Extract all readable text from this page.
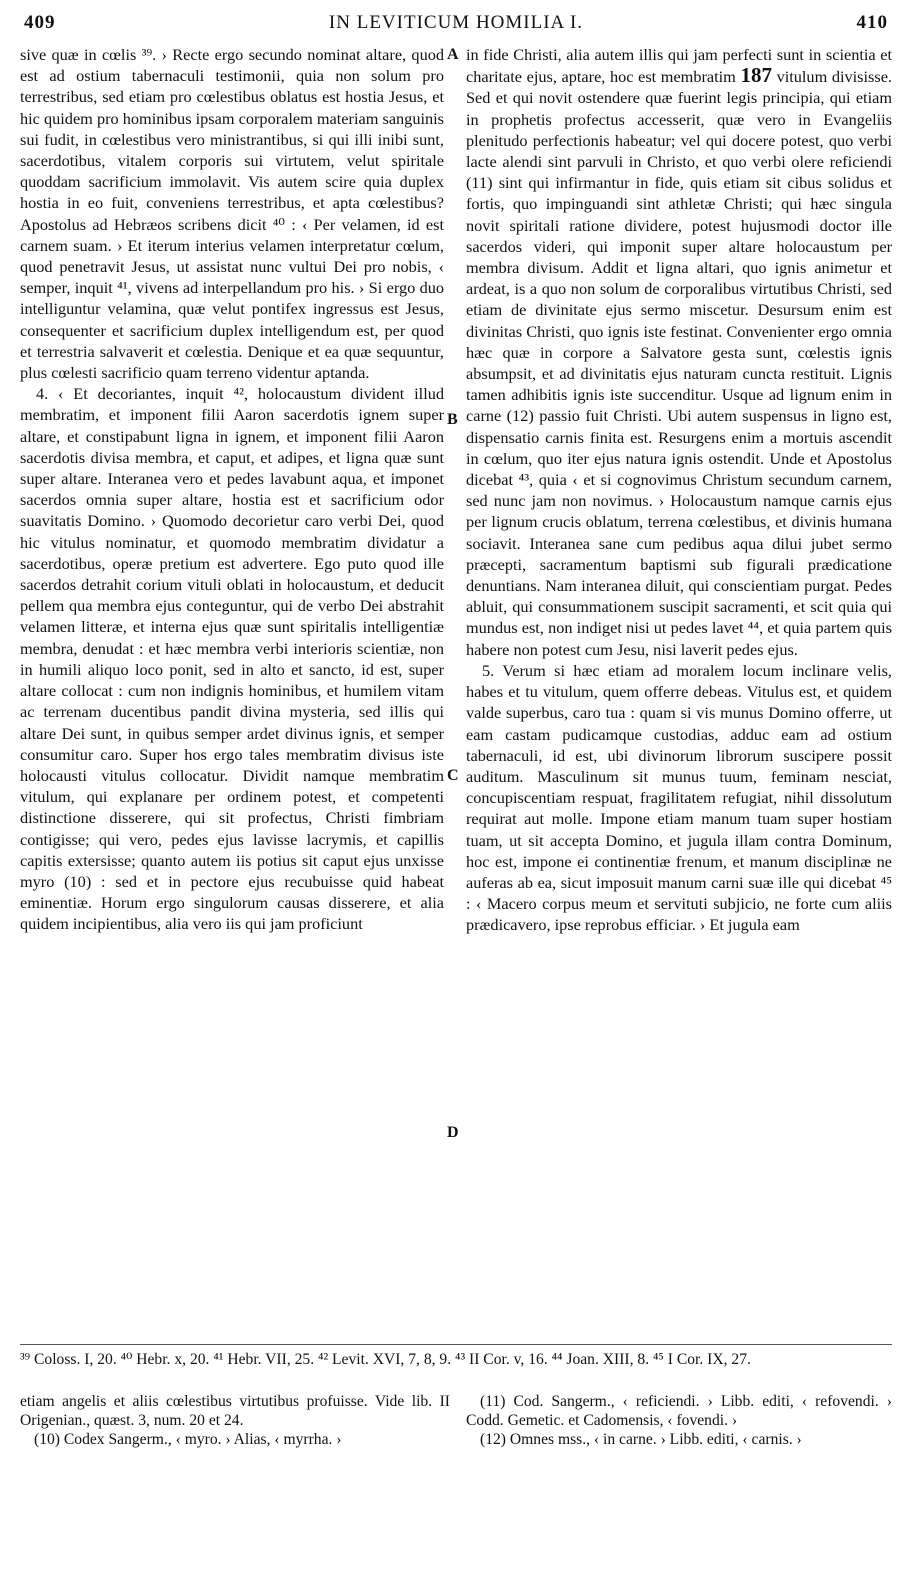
409	IN LEVITICUM HOMILIA I.	410
A
B
C
D

sive quæ in cœlis ³⁹. › Recte ergo secundo nominat altare, quod est ad ostium tabernaculi testimonii, quia non solum pro terrestribus, sed etiam pro cœlestibus oblatus est hostia Jesus, et hic quidem pro hominibus ipsam corporalem materiam sanguinis sui fudit, in cœlestibus vero ministrantibus, si qui illi inibi sunt, sacerdotibus, vitalem corporis sui virtutem, velut spiritale quoddam sacrificium immolavit. Vis autem scire quia duplex hostia in eo fuit, conveniens terrestribus, et apta cœlestibus? Apostolus ad Hebræos scribens dicit ⁴⁰ : ‹ Per velamen, id est carnem suam. › Et iterum interius velamen interpretatur cœlum, quod penetravit Jesus, ut assistat nunc vultui Dei pro nobis, ‹ semper, inquit ⁴¹, vivens ad interpellandum pro his. › Si ergo duo intelliguntur velamina, quæ velut pontifex ingressus est Jesus, consequenter et sacrificium duplex intelligendum est, per quod et terrestria salvaverit et cœlestia. Denique et ea quæ sequuntur, plus cœlesti sacrificio quam terreno videntur aptanda.

4. ‹ Et decoriantes, inquit ⁴², holocaustum divident illud membratim, et imponent filii Aaron sacerdotis ignem super altare, et constipabunt ligna in ignem, et imponent filii Aaron sacerdotis divisa membra, et caput, et adipes, et ligna quæ sunt super altare. Interanea vero et pedes lavabunt aqua, et imponet sacerdos omnia super altare, hostia est et sacrificium odor suavitatis Domino. › Quomodo decorietur caro verbi Dei, quod hic vitulus nominatur, et quomodo membratim dividatur a sacerdotibus, operæ pretium est advertere. Ego puto quod ille sacerdos detrahit corium vituli oblati in holocaustum, et deducit pellem qua membra ejus conteguntur, qui de verbo Dei abstrahit velamen litteræ, et interna ejus quæ sunt spiritalis intelligentiæ membra, denudat : et hæc membra verbi interioris scientiæ, non in humili aliquo loco ponit, sed in alto et sancto, id est, super altare collocat : cum non indignis hominibus, et humilem vitam ac terrenam ducentibus pandit divina mysteria, sed illis qui altare Dei sunt, in quibus semper ardet divinus ignis, et semper consumitur caro. Super hos ergo tales membratim divisus iste holocausti vitulus collocatur. Dividit namque membratim vitulum, qui explanare per ordinem potest, et competenti distinctione disserere, qui sit profectus, Christi fimbriam contigisse; qui vero, pedes ejus lavisse lacrymis, et capillis capitis extersisse; quanto autem iis potius sit caput ejus unxisse myro (10) : sed et in pectore ejus recubuisse quid habeat eminentiæ. Horum ergo singulorum causas disserere, et alia quidem incipientibus, alia vero iis qui jam proficiunt

in fide Christi, alia autem illis qui jam perfecti sunt in scientia et charitate ejus, aptare, hoc est membratim 187 vitulum divisisse. Sed et qui novit ostendere quæ fuerint legis principia, qui etiam in prophetis profectus accesserit, quæ vero in Evangeliis plenitudo perfectionis habeatur; vel qui docere potest, quo verbi lacte alendi sint parvuli in Christo, et quo verbi olere reficiendi (11) sint qui infirmantur in fide, quis etiam sit cibus solidus et fortis, quo impinguandi sint athletæ Christi; qui hæc singula novit spiritali ratione dividere, potest hujusmodi doctor ille sacerdos videri, qui imponit super altare holocaustum per membra divisum. Addit et ligna altari, quo ignis animetur et ardeat, is a quo non solum de corporalibus virtutibus Christi, sed etiam de divinitate ejus sermo miscetur. Desursum enim est divinitas Christi, quo ignis iste festinat. Convenienter ergo omnia hæc quæ in corpore a Salvatore gesta sunt, cœlestis ignis absumpsit, et ad divinitatis ejus naturam cuncta restituit. Lignis tamen adhibitis ignis iste succenditur. Usque ad lignum enim in carne (12) passio fuit Christi. Ubi autem suspensus in ligno est, dispensatio carnis finita est. Resurgens enim a mortuis ascendit in cœlum, quo iter ejus natura ignis ostendit. Unde et Apostolus dicebat ⁴³, quia ‹ et si cognovimus Christum secundum carnem, sed nunc jam non novimus. › Holocaustum namque carnis ejus per lignum crucis oblatum, terrena cœlestibus, et divinis humana sociavit. Interanea sane cum pedibus aqua dilui jubet sermo præcepti, sacramentum baptismi sub figurali prædicatione denuntians. Nam interanea diluit, qui conscientiam purgat. Pedes abluit, qui consummationem suscipit sacramenti, et scit quia qui mundus est, non indiget nisi ut pedes lavet ⁴⁴, et quia partem quis habere non potest cum Jesu, nisi laverit pedes ejus.

5. Verum si hæc etiam ad moralem locum inclinare velis, habes et tu vitulum, quem offerre debeas. Vitulus est, et quidem valde superbus, caro tua : quam si vis munus Domino offerre, ut eam castam pudicamque custodias, adduc eam ad ostium tabernaculi, id est, ubi divinorum librorum suscipere possit auditum. Masculinum sit munus tuum, feminam nesciat, concupiscentiam respuat, fragilitatem refugiat, nihil dissolutum requirat aut molle. Impone etiam manum tuam super hostiam tuam, ut sit accepta Domino, et jugula illam contra Dominum, hoc est, impone ei continentiæ frenum, et manum disciplinæ ne auferas ab ea, sicut imposuit manum carni suæ ille qui dicebat ⁴⁵ : ‹ Macero corpus meum et servituti subjicio, ne forte cum aliis prædicavero, ipse reprobus efficiar. › Et jugula eam

³⁹ Coloss. I, 20. ⁴⁰ Hebr. x, 20. ⁴¹ Hebr. VII, 25. ⁴² Levit. XVI, 7, 8, 9. ⁴³ II Cor. v, 16. ⁴⁴ Joan. XIII, 8. ⁴⁵ I Cor. IX, 27.

etiam angelis et aliis cœlestibus virtutibus profuisse. Vide lib. II Origenian., quæst. 3, num. 20 et 24.

(10) Codex Sangerm., ‹ myro. › Alias, ‹ myrrha. ›

(11) Cod. Sangerm., ‹ reficiendi. › Libb. editi, ‹ refovendi. › Codd. Gemetic. et Cadomensis, ‹ fovendi. ›

(12) Omnes mss., ‹ in carne. › Libb. editi, ‹ carnis. ›
